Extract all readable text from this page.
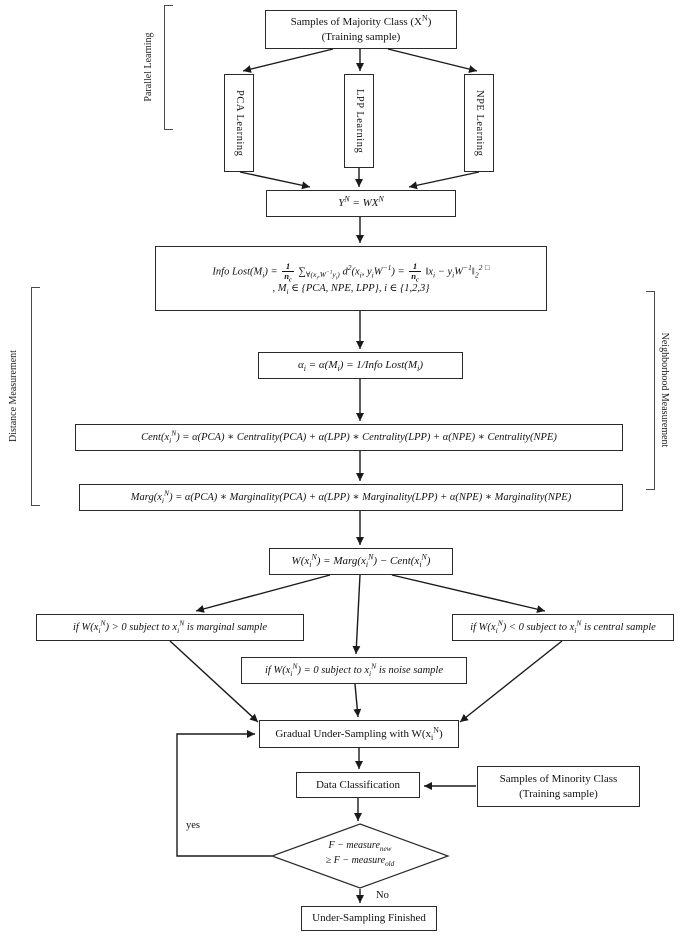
Samples of Majority Class $(X^N)$
(Training sample)
Parallel Learning
PCA Learning	LPP Learning	NPE Learning
$Y^N = WX^N$
Info $Lost(M_i) = \frac{1}{n_c} \sum_{\forall(x_i,W^{-1}y_i)}$ $d^2(x_i$, $y_iW^{-1}) = \frac{1}{n_c}$ $‖x_i$ − $y_iW^{-1}‖_2^2$ □
, $M_i$ ∈ {PCA, NPE, LPP}, i ∈ {1,2,3}
Distance Measurement	Neighborhood Measurement
$\alpha_i = \alpha(M_i)$ = 1/Info $Lost(M_i)$
$Cent(x_i^N) = \alpha(PCA)$ ∗ Centrality(PCA) + α(LPP) ∗ Centrality(LPP) + α(NPE) ∗ Centrality(NPE)
$Marg(x_i^N) = \alpha(PCA)$ ∗ Marginality(PCA) + α(LPP) ∗ Marginality(LPP) + α(NPE) ∗ Marginality(NPE)
$W(x_i^N)$ = $Marg(x_i^N)$ − $Cent(x_i^N)$
if $W(x_i^N) > 0$ subject to $x_i^N$ is marginal sample	if $W(x_i^N) < 0$ subject to $x_i^N$ is central sample
if $W(x_i^N) = 0$ subject to $x_i^N$ is noise sample
Gradual Under-Sampling with $W(x_i^N)$
Data Classification	Samples of Minority Class
(Training sample)
F − measure$_{new}$
≥ F − measure$_{old}$
yes
No
Under-Sampling Finished
